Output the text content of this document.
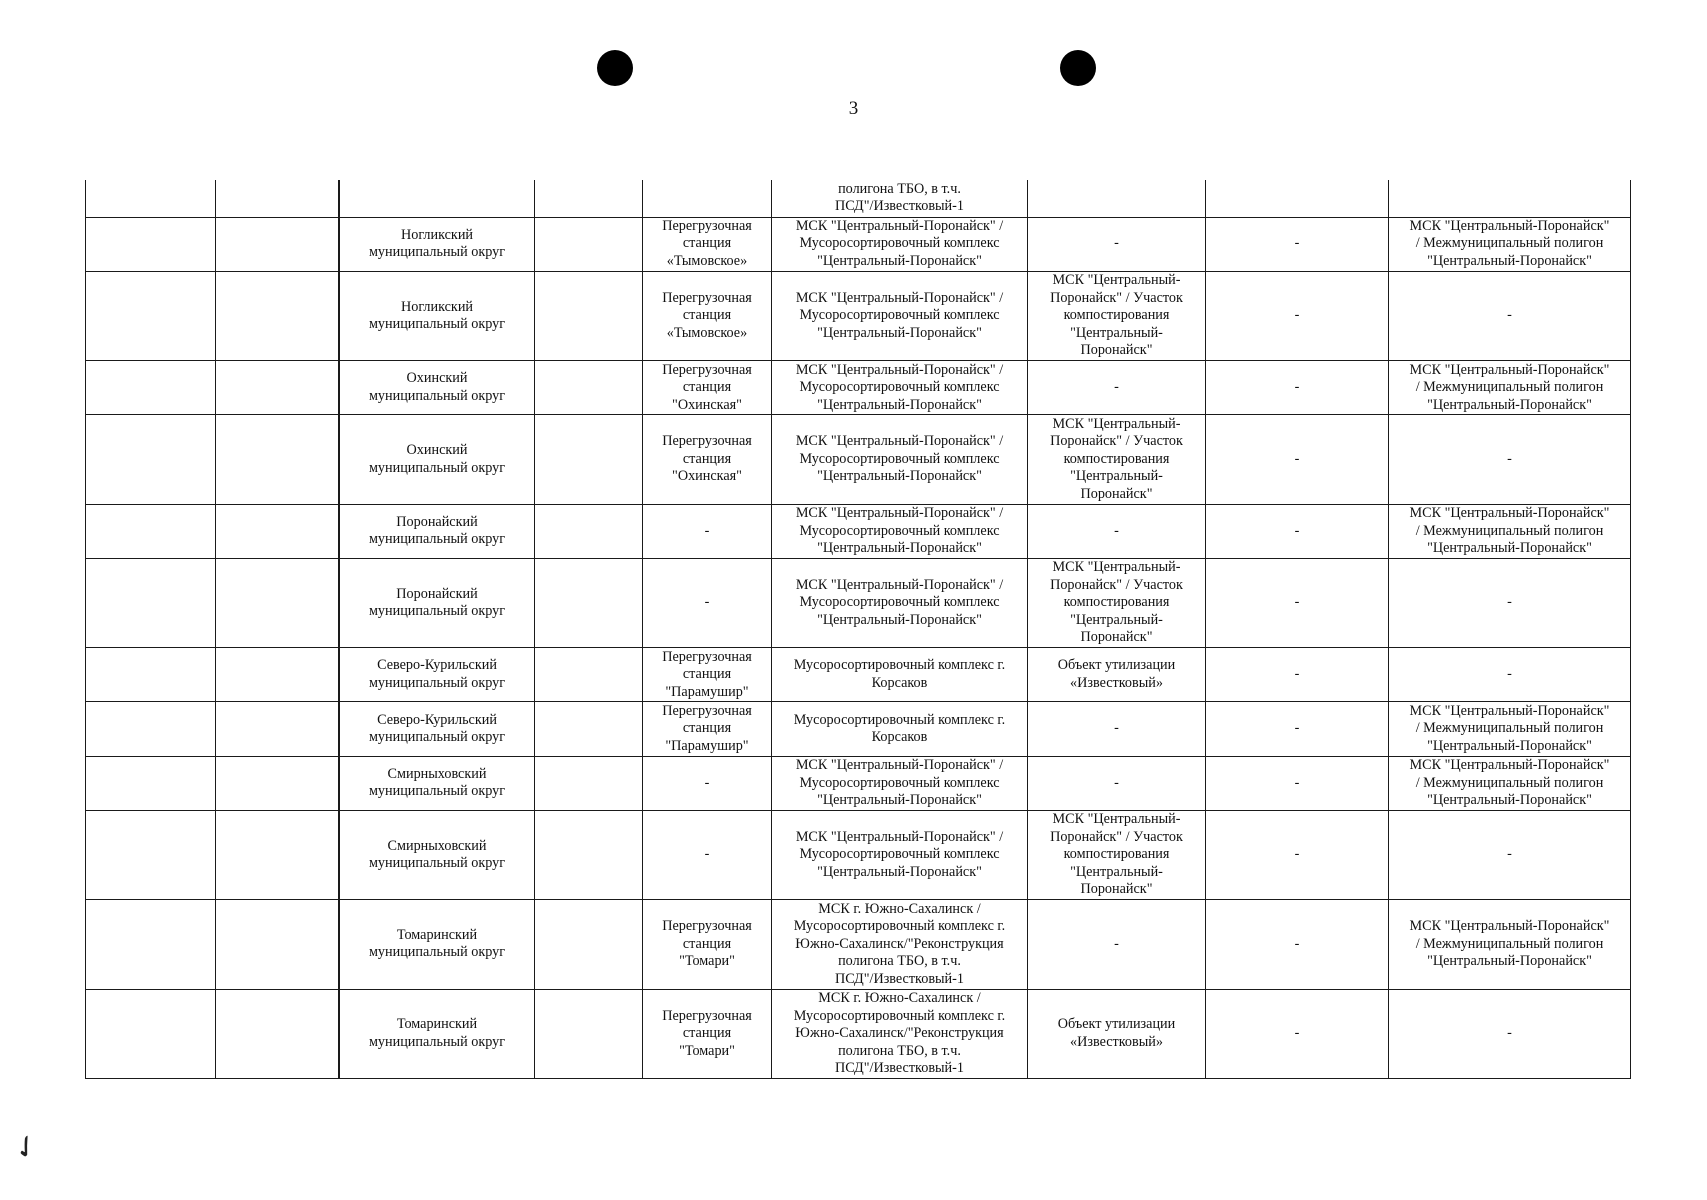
3
						полигона ТБО, в т.ч.
ПСД"/Известковый-1			
			Ногликский
муниципальный округ		Перегрузочная
станция
«Тымовское»	МСК "Центральный-Поронайск" /
Мусоросортировочный комплекс
"Центральный-Поронайск"	-	-	МСК "Центральный-Поронайск"
/ Межмуниципальный полигон
"Центральный-Поронайск"
			Ногликский
муниципальный округ		Перегрузочная
станция
«Тымовское»	МСК "Центральный-Поронайск" /
Мусоросортировочный комплекс
"Центральный-Поронайск"	МСК "Центральный-
Поронайск" / Участок
компостирования
"Центральный-
Поронайск"	-	-
			Охинский
муниципальный округ		Перегрузочная
станция
"Охинская"	МСК "Центральный-Поронайск" /
Мусоросортировочный комплекс
"Центральный-Поронайск"	-	-	МСК "Центральный-Поронайск"
/ Межмуниципальный полигон
"Центральный-Поронайск"
			Охинский
муниципальный округ		Перегрузочная
станция
"Охинская"	МСК "Центральный-Поронайск" /
Мусоросортировочный комплекс
"Центральный-Поронайск"	МСК "Центральный-
Поронайск" / Участок
компостирования
"Центральный-
Поронайск"	-	-
			Поронайский
муниципальный округ		-	МСК "Центральный-Поронайск" /
Мусоросортировочный комплекс
"Центральный-Поронайск"	-	-	МСК "Центральный-Поронайск"
/ Межмуниципальный полигон
"Центральный-Поронайск"
			Поронайский
муниципальный округ		-	МСК "Центральный-Поронайск" /
Мусоросортировочный комплекс
"Центральный-Поронайск"	МСК "Центральный-
Поронайск" / Участок
компостирования
"Центральный-
Поронайск"	-	-
			Северо-Курильский
муниципальный округ		Перегрузочная
станция
"Парамушир"	Мусоросортировочный комплекс г.
Корсаков	Объект утилизации
«Известковый»	-	-
			Северо-Курильский
муниципальный округ		Перегрузочная
станция
"Парамушир"	Мусоросортировочный комплекс г.
Корсаков	-	-	МСК "Центральный-Поронайск"
/ Межмуниципальный полигон
"Центральный-Поронайск"
			Смирныховский
муниципальный округ		-	МСК "Центральный-Поронайск" /
Мусоросортировочный комплекс
"Центральный-Поронайск"	-	-	МСК "Центральный-Поронайск"
/ Межмуниципальный полигон
"Центральный-Поронайск"
			Смирныховский
муниципальный округ		-	МСК "Центральный-Поронайск" /
Мусоросортировочный комплекс
"Центральный-Поронайск"	МСК "Центральный-
Поронайск" / Участок
компостирования
"Центральный-
Поронайск"	-	-
			Томаринский
муниципальный округ		Перегрузочная
станция
"Томари"	МСК г. Южно-Сахалинск /
Мусоросортировочный комплекс г.
Южно-Сахалинск/"Реконструкция
полигона ТБО, в т.ч.
ПСД"/Известковый-1	-	-	МСК "Центральный-Поронайск"
/ Межмуниципальный полигон
"Центральный-Поронайск"
			Томаринский
муниципальный округ		Перегрузочная
станция
"Томари"	МСК г. Южно-Сахалинск /
Мусоросортировочный комплекс г.
Южно-Сахалинск/"Реконструкция
полигона ТБО, в т.ч.
ПСД"/Известковый-1	Объект утилизации
«Известковый»	-	-
✓
